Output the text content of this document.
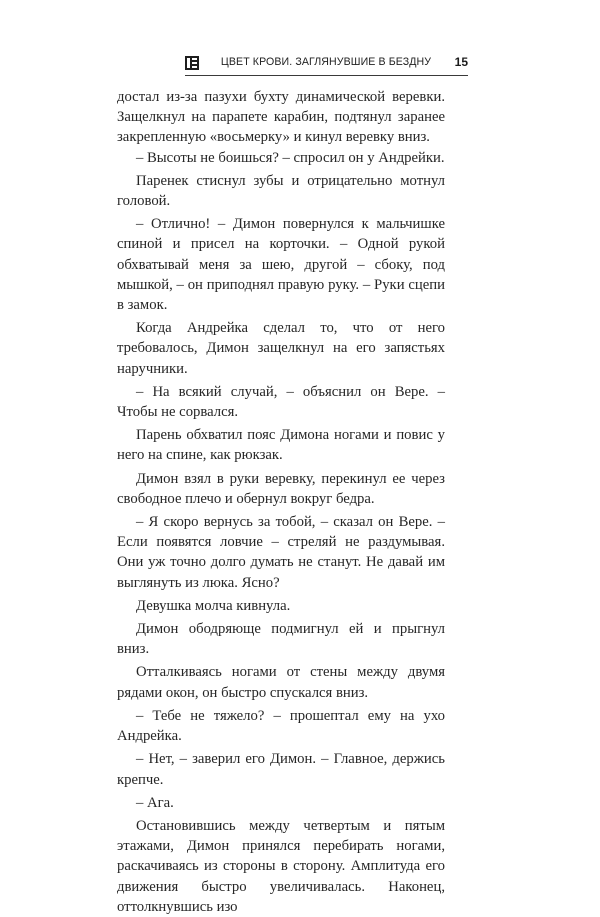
ЦВЕТ КРОВИ. ЗАГЛЯНУВШИЕ В БЕЗДНУ	15

достал из-за пазухи бухту динамической веревки. Защелкнул на парапете карабин, подтянул заранее закрепленную «восьмерку» и кинул веревку вниз.

– Высоты не боишься? – спросил он у Андрейки.

Паренек стиснул зубы и отрицательно мотнул головой.

– Отлично! – Димон повернулся к мальчишке спиной и присел на корточки. – Одной рукой обхватывай меня за шею, другой – сбоку, под мышкой, – он приподнял правую руку. – Руки сцепи в замок.

Когда Андрейка сделал то, что от него требовалось, Димон защелкнул на его запястьях наручники.

– На всякий случай, – объяснил он Вере. – Чтобы не сорвался.

Парень обхватил пояс Димона ногами и повис у него на спине, как рюкзак.

Димон взял в руки веревку, перекинул ее через свободное плечо и обернул вокруг бедра.

– Я скоро вернусь за тобой, – сказал он Вере. – Если появятся ловчие – стреляй не раздумывая. Они уж точно долго думать не станут. Не давай им выглянуть из люка. Ясно?

Девушка молча кивнула.

Димон ободряюще подмигнул ей и прыгнул вниз.

Отталкиваясь ногами от стены между двумя рядами окон, он быстро спускался вниз.

– Тебе не тяжело? – прошептал ему на ухо Андрейка.

– Нет, – заверил его Димон. – Главное, держись крепче.

– Ага.

Остановившись между четвертым и пятым этажами, Димон принялся перебирать ногами, раскачиваясь из стороны в сторону. Амплитуда его движения быстро увеличивалась. Наконец, оттолкнувшись изо
